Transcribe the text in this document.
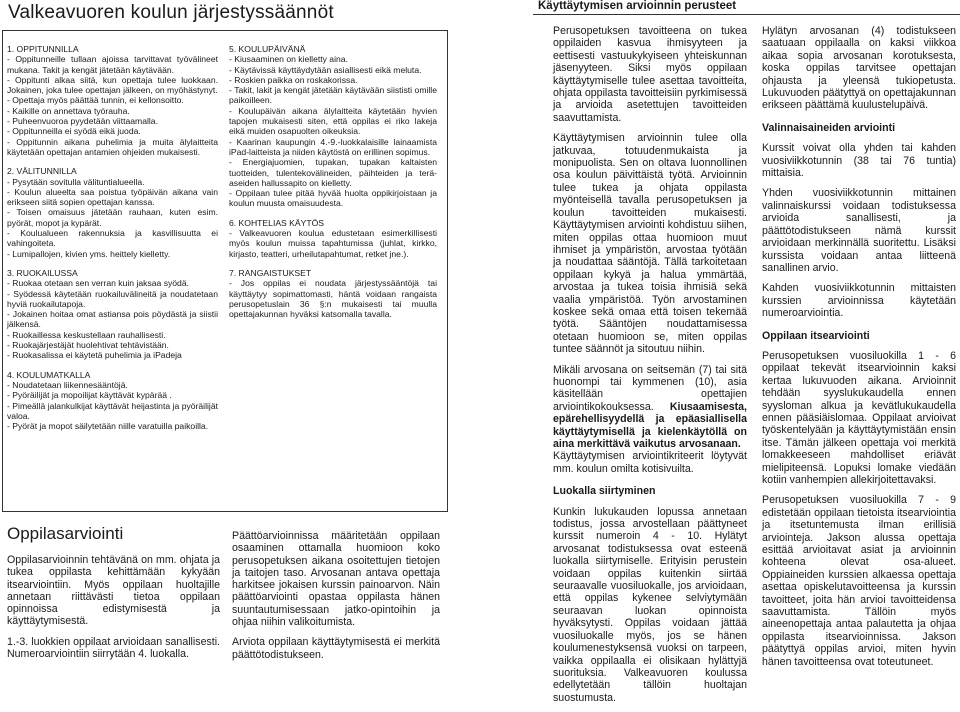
Valkeavuoren koulun järjestyssäännöt

1. OPPITUNNILLA

- Oppitunneille tullaan ajoissa tarvittavat työvälineet mukana. Takit ja kengät jätetään käytävään.

- Oppitunti alkaa siitä, kun opettaja tulee luokkaan. Jokainen, joka tulee opettajan jälkeen, on myöhästynyt.

- Opettaja myös päättää tunnin, ei kellonsoitto.

- Kaikille on annettava työrauha.

- Puheenvuoroa pyydetään viittaamalla.

- Oppitunneilla ei syödä eikä juoda.

- Oppitunnin aikana puhelimia ja muita älylaitteita käytetään opettajan antamien ohjeiden mukaisesti.

2. VÄLITUNNILLA

- Pysytään sovitulla välituntialueella.

- Koulun alueelta saa poistua työpäivän aikana vain erikseen siitä sopien opettajan kanssa.

- Toisen omaisuus jätetään rauhaan, kuten esim. pyörät, mopot ja kypärät.

- Koulualueen rakennuksia ja kasvillisuutta ei vahingoiteta.

- Lumipallojen, kivien yms. heittely kielletty.

3. RUOKAILUSSA

- Ruokaa otetaan sen verran kuin jaksaa syödä.

- Syödessä käytetään ruokailuvälineitä ja noudatetaan hyviä ruokailutapoja.

- Jokainen hoitaa omat astiansa pois pöydästä ja siistii jälkensä.

- Ruokaillessa keskustellaan rauhallisesti.

- Ruokajärjestäjät huolehtivat tehtävistään.

- Ruokasalissa ei käytetä puhelimia ja iPadeja

4. KOULUMATKALLA

- Noudatetaan liikennesääntöjä.

- Pyöräilijät ja mopoilijat käyttävät kypärää .

- Pimeällä jalankulkijat käyttävät heijastinta ja pyöräilijät valoa.

- Pyörät ja mopot säilytetään niille varatuilla paikoilla.

5. KOULUPÄIVÄNÄ

- Kiusaaminen on kielletty aina.

- Käytävissä käyttäydytään asiallisesti eikä meluta.

- Roskien paikka on roskakorissa.

- Takit, lakit ja kengät jätetään käytävään siististi omille paikoilleen.

- Koulupäivän aikana älylaitteita käytetään hyvien tapojen mukaisesti siten, että oppilas ei riko lakeja eikä muiden osapuolten oikeuksia.

- Kaarinan kaupungin 4.-9.-luokkalaisille lainaamista iPad-laitteista ja niiden käytöstä on erillinen sopimus.

- Energiajuomien, tupakan, tupakan kaltaisten tuotteiden, tulentekovälineiden, päihteiden ja terä-aseiden hallussapito on kielletty.

- Oppilaan tulee pitää hyvää huolta oppikirjoistaan ja koulun muusta omaisuudesta.

6. KOHTELIAS KÄYTÖS

- Valkeavuoren koulua edustetaan esimerkillisesti myös koulun muissa tapahtumissa (juhlat, kirkko, kirjasto, teatteri, urheilutapahtumat, retket jne.).

7. RANGAISTUKSET

- Jos oppilas ei noudata järjestyssääntöjä tai käyttäytyy sopimattomasti, häntä voidaan rangaista perusopetuslain 36 §:n mukaisesti tai muulla opettajakunnan hyväksi katsomalla tavalla.

Oppilasarviointi

Oppilasarvioinnin tehtävänä on mm. ohjata ja tukea oppilasta kehittämään kykyään itsearviointiin. Myös oppilaan huoltajille annetaan riittävästi tietoa oppilaan opinnoissa edistymisestä ja käyttäytymisestä.

1.-3. luokkien oppilaat arvioidaan sanallisesti. Numeroarviointiin siirrytään 4. luokalla.

Päättöarvioinnissa määritetään oppilaan osaaminen ottamalla huomioon koko perusopetuksen aikana osoitettujen tietojen ja taitojen taso. Arvosanan antava opettaja harkitsee jokaisen kurssin painoarvon. Näin päättöarviointi opastaa oppilasta hänen suuntautumisessaan jatko-opintoihin ja ohjaa niihin valikoitumista.

Arviota oppilaan käyttäytymisestä ei merkitä päättötodistukseen.

Käyttäytymisen arvioinnin perusteet

Perusopetuksen tavoitteena on tukea oppilaiden kasvua ihmisyyteen ja eettisesti vastuukykyiseen yhteiskunnan jäsenyyteen. Siksi myös oppilaan käyttäytymiselle tulee asettaa tavoitteita, ohjata oppilasta tavoitteisiin pyrkimisessä ja arvioida asetettujen tavoitteiden saavuttamista.

Käyttäytymisen arvioinnin tulee olla jatkuvaa, totuudenmukaista ja monipuolista. Sen on oltava luonnollinen osa koulun päivittäistä työtä. Arvioinnin tulee tukea ja ohjata oppilasta myönteisellä tavalla perusopetuksen ja koulun tavoitteiden mukaisesti. Käyttäytymisen arviointi kohdistuu siihen, miten oppilas ottaa huomioon muut ihmiset ja ympäristön, arvostaa työtään ja noudattaa sääntöjä. Tällä tarkoitetaan oppilaan kykyä ja halua ymmärtää, arvostaa ja tukea toisia ihmisiä sekä vaalia ympäristöä. Työn arvostaminen koskee sekä omaa että toisen tekemää työtä. Sääntöjen noudattamisessa otetaan huomioon se, miten oppilas tuntee säännöt ja sitoutuu niihin.

Mikäli arvosana on seitsemän (7) tai sitä huonompi tai kymmenen (10), asia käsitellään opettajien arviointikokouksessa. Kiusaamisesta, epärehellisyydellä ja epäasiallisella käyttäytymisellä ja kielenkäytöllä on aina merkittävä vaikutus arvosanaan.

Käyttäytymisen arviointikriteerit löytyvät mm. koulun omilta kotisivuilta.

Luokalla siirtyminen

Kunkin lukukauden lopussa annetaan todistus, jossa arvostellaan päättyneet kurssit numeroin 4 - 10. Hylätyt arvosanat todistuksessa ovat esteenä luokalla siirtymiselle. Erityisin perustein voidaan oppilas kuitenkin siirtää seuraavalle vuosiluokalle, jos arvioidaan, että oppilas kykenee selviytymään seuraavan luokan opinnoista hyväksytysti. Oppilas voidaan jättää vuosiluokalle myös, jos se hänen koulumenestyksensä vuoksi on tarpeen, vaikka oppilaalla ei olisikaan hylättyjä suorituksia. Valkeavuoren koulussa edellytetään tällöin huoltajan suostumusta.

Hylätyn arvosanan (4) todistukseen saatuaan oppilaalla on kaksi viikkoa aikaa sopia arvosanan korotuksesta, koska oppilas tarvitsee opettajan ohjausta ja yleensä tukiopetusta. Lukuvuoden päätyttyä on opettajakunnan erikseen päättämä kuulustelupäivä.

Valinnaisaineiden arviointi

Kurssit voivat olla yhden tai kahden vuosiviikkotunnin (38 tai 76 tuntia) mittaisia.

Yhden vuosiviikkotunnin mittainen valinnaiskurssi voidaan todistuksessa arvioida sanallisesti, ja päättötodistukseen nämä kurssit arvioidaan merkinnällä suoritettu. Lisäksi kurssista voidaan antaa liitteenä sanallinen arvio.

Kahden vuosiviikkotunnin mittaisten kurssien arvioinnissa käytetään numeroarviointia.

Oppilaan itsearviointi

Perusopetuksen vuosiluokilla 1 - 6 oppilaat tekevät itsearvioinnin kaksi kertaa lukuvuoden aikana. Arvioinnit tehdään syyslukukaudella ennen syysloman alkua ja kevätlukukaudella ennen pääsiäislomaa. Oppilaat arvioivat työskentelyään ja käyttäytymistään ensin itse. Tämän jälkeen opettaja voi merkitä lomakkeeseen mahdolliset eriävät mielipiteensä. Lopuksi lomake viedään kotiin vanhempien allekirjoitettavaksi.

Perusopetuksen vuosiluokilla 7 - 9 edistetään oppilaan tietoista itsearviointia ja itsetuntemusta ilman erillisiä arviointeja. Jakson alussa opettaja esittää arvioitavat asiat ja arvioinnin kohteena olevat osa-alueet. Oppiaineiden kurssien alkaessa opettaja asettaa opiskelutavoitteensa ja kurssin tavoitteet, joita hän arvioi tavoitteidensa saavuttamista. Tällöin myös aineenopettaja antaa palautetta ja ohjaa oppilasta itsearvioinnissa. Jakson päätyttyä oppilas arvioi, miten hyvin hänen tavoitteensa ovat toteutuneet.
